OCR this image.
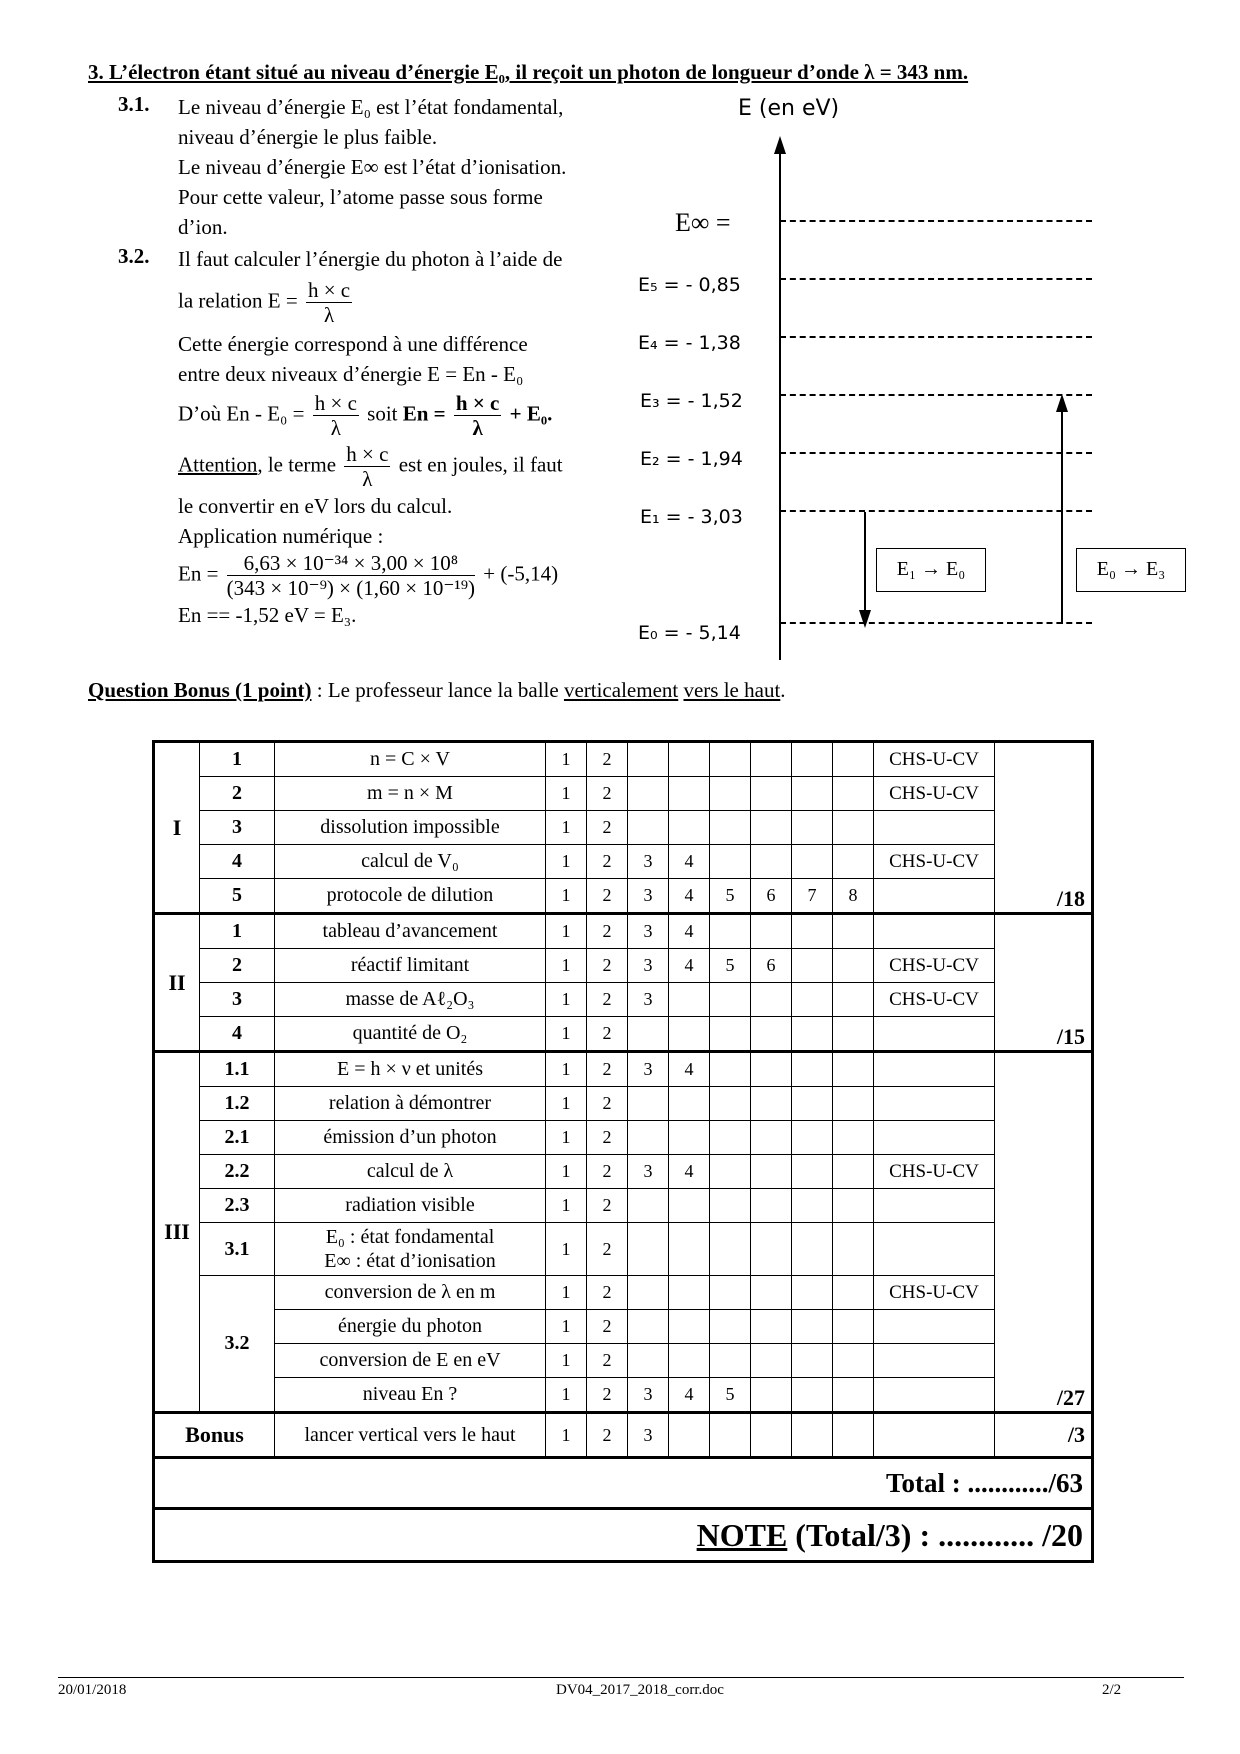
3. L’électron étant situé au niveau d’énergie E₀, il reçoit un photon de longueur d’onde λ = 343 nm.
3.1. Le niveau d’énergie E₀ est l’état fondamental,
niveau d’énergie le plus faible.
Le niveau d’énergie E∞ est l’état d’ionisation.
Pour cette valeur, l’atome passe sous forme
d’ion.
3.2. Il faut calculer l’énergie du photon à l’aide de
la relation $E = \frac{h \times c}{\lambda}$
Cette énergie correspond à une différence
entre deux niveaux d’énergie E = En - E₀
D’où $En - E_0 = \frac{h \times c}{\lambda}$ soit $En = \frac{h \times c}{\lambda} + E_0$.
Attention, le terme $\frac{h \times c}{\lambda}$ est en joules, il faut
le convertir en eV lors du calcul.
Application numérique :
$En = \frac{\text{6,63 × 10⁻³⁴ × 3,00 × 10⁸}}{\text{(343 × 10⁻⁹) × (1,60 × 10⁻¹⁹)}} + (-5,14)$
En == -1,52 eV = E₃.
E (en eV)
E∞ =
E₅ = - 0,85
E₄ = - 1,38
E₃ = - 1,52
E₂ = - 1,94
E₁ = - 3,03
E₀ = - 5,14
E₁ → E₀	E₀ → E₃
Question Bonus (1 point) : Le professeur lance la balle verticalement vers le haut.
I	1	n = C × V	1	2							CHS-U-CV	/18
	2	m = n × M	1	2							CHS-U-CV	
	3	dissolution impossible	1	2								
	4	calcul de V₀	1	2	3	4					CHS-U-CV	
	5	protocole de dilution	1	2	3	4	5	6	7	8		
II	1	tableau d’avancement	1	2	3	4						/15
	2	réactif limitant	1	2	3	4	5	6			CHS-U-CV	
	3	masse de Aℓ₂O₃	1	2	3						CHS-U-CV	
	4	quantité de O₂	1	2								
III	1.1	E = h × ν et unités	1	2	3	4						/27
	1.2	relation à démontrer	1	2								
	2.1	émission d’un photon	1	2								
	2.2	calcul de λ	1	2	3	4					CHS-U-CV	
	2.3	radiation visible	1	2								
	3.1	E₀ : état fondamental
E∞ : état d’ionisation	1	2								
	3.2	conversion de λ en m	1	2							CHS-U-CV	

		énergie du photon	1	2								

		conversion de E en eV	1	2								

		niveau En ?	1	2	3	4	5					
Bonus		lancer vertical vers le haut	1	2	3							/3
Total : ............/63												
NOTE (Total/3) : ............ /20												
20/01/2018	DV04_2017_2018_corr.doc	2/2
